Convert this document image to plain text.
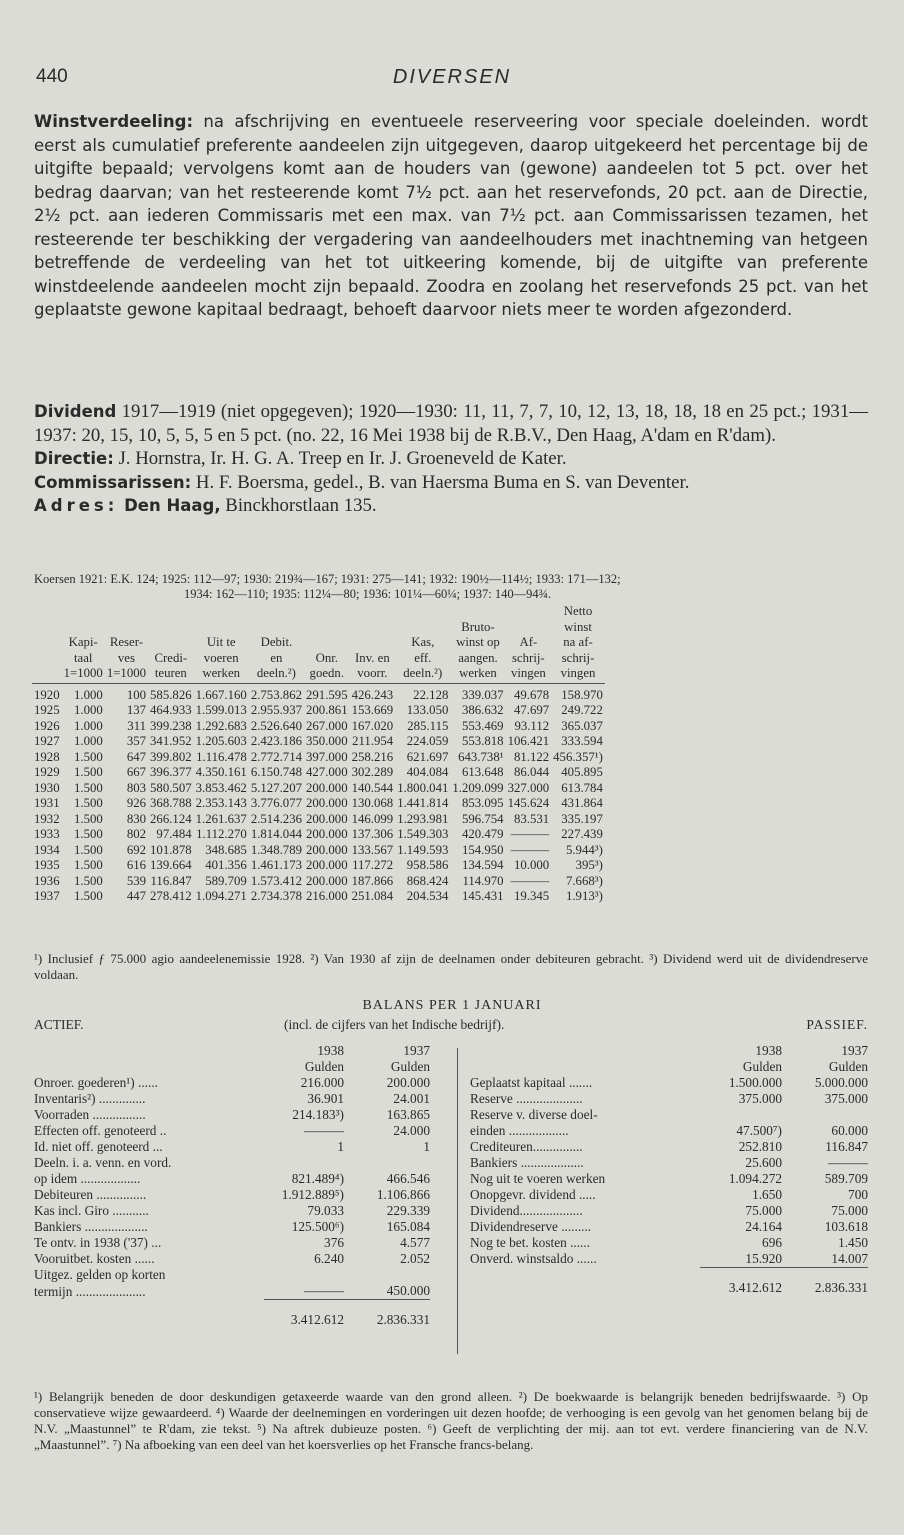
440	DIVERSEN

Winstverdeeling: na afschrijving en eventueele reserveering voor speciale doeleinden. wordt eerst als cumulatief preferente aandeelen zijn uitgegeven, daarop uitgekeerd het percentage bij de uitgifte bepaald; vervolgens komt aan de houders van (gewone) aandeelen tot 5 pct. over het bedrag daarvan; van het resteerende komt 7½ pct. aan het reservefonds, 20 pct. aan de Directie, 2½ pct. aan iederen Commissaris met een max. van 7½ pct. aan Commissarissen tezamen, het resteerende ter beschikking der vergadering van aandeelhouders met inachtneming van hetgeen betreffende de verdeeling van het tot uitkeering komende, bij de uitgifte van preferente winstdeelende aandeelen mocht zijn bepaald. Zoodra en zoolang het reservefonds 25 pct. van het geplaatste gewone kapitaal bedraagt, behoeft daarvoor niets meer te worden afgezonderd.

Dividend 1917—1919 (niet opgegeven); 1920—1930: 11, 11, 7, 7, 10, 12, 13, 18, 18, 18 en 25 pct.; 1931—1937: 20, 15, 10, 5, 5, 5 en 5 pct. (no. 22, 16 Mei 1938 bij de R.B.V., Den Haag, A'dam en R'dam).

Directie: J. Hornstra, Ir. H. G. A. Treep en Ir. J. Groeneveld de Kater.

Commissarissen: H. F. Boersma, gedel., B. van Haersma Buma en S. van Deventer.

Adres: Den Haag, Binckhorstlaan 135.

Koersen 1921: E.K. 124; 1925: 112—97; 1930: 219¾—167; 1931: 275—141; 1932: 190½—114½; 1933: 171—132;
1934: 162—110; 1935: 112¼—80; 1936: 101¼—60¼; 1937: 140—94¾.
											Netto
									Bruto-		winst
	Kapi-	Reser-		Uit te	Debit.			Kas,	winst op	Af-	na af-
	taal	ves	Credi-	voeren	en	Onr.	Inv. en	eff.	aangen.	schrij-	schrij-
	1=1000	1=1000	teuren	werken	deeln.²)	goedn.	voorr.	deeln.²)	werken	vingen	vingen
1920	1.000	100	585.826	1.667.160	2.753.862	291.595	426.243	22.128	339.037	49.678	158.970
1925	1.000	137	464.933	1.599.013	2.955.937	200.861	153.669	133.050	386.632	47.697	249.722
1926	1.000	311	399.238	1.292.683	2.526.640	267.000	167.020	285.115	553.469	93.112	365.037
1927	1.000	357	341.952	1.205.603	2.423.186	350.000	211.954	224.059	553.818	106.421	333.594
1928	1.500	647	399.802	1.116.478	2.772.714	397.000	258.216	621.697	643.738¹	81.122	456.357¹)
1929	1.500	667	396.377	4.350.161	6.150.748	427.000	302.289	404.084	613.648	86.044	405.895
1930	1.500	803	580.507	3.853.462	5.127.207	200.000	140.544	1.800.041	1.209.099	327.000	613.784
1931	1.500	926	368.788	2.353.143	3.776.077	200.000	130.068	1.441.814	853.095	145.624	431.864
1932	1.500	830	266.124	1.261.637	2.514.236	200.000	146.099	1.293.981	596.754	83.531	335.197
1933	1.500	802	97.484	1.112.270	1.814.044	200.000	137.306	1.549.303	420.479	———	227.439
1934	1.500	692	101.878	348.685	1.348.789	200.000	133.567	1.149.593	154.950	———	5.944³)
1935	1.500	616	139.664	401.356	1.461.173	200.000	117.272	958.586	134.594	10.000	395³)
1936	1.500	539	116.847	589.709	1.573.412	200.000	187.866	868.424	114.970	———	7.668³)
1937	1.500	447	278.412	1.094.271	2.734.378	216.000	251.084	204.534	145.431	19.345	1.913³)
¹) Inclusief ƒ 75.000 agio aandeelenemissie 1928. ²) Van 1930 af zijn de deelnamen onder debiteuren gebracht. ³) Dividend werd uit de dividendreserve voldaan.
BALANS PER 1 JANUARI
ACTIEF.	(incl. de cijfers van het Indische bedrijf).	PASSIEF.
	1938	1937
	Gulden	Gulden
Onroer. goederen¹) ......	216.000	200.000
Inventaris²) ..............	36.901	24.001
Voorraden ................	214.183³)	163.865
Effecten off. genoteerd ..	———	24.000
Id. niet off. genoteerd ...	1	1
Deeln. i. a. venn. en vord.		
op idem ..................	821.489⁴)	466.546
Debiteuren ...............	1.912.889⁵)	1.106.866
Kas incl. Giro ...........	79.033	229.339
Bankiers ...................	125.500⁶)	165.084
Te ontv. in 1938 ('37) ...	376	4.577
Vooruitbet. kosten ......	6.240	2.052
Uitgez. gelden op korten		
termijn .....................	———	450.000
	3.412.612	2.836.331
	1938	1937
	Gulden	Gulden
Geplaatst kapitaal .......	1.500.000	5.000.000
Reserve ....................	375.000	375.000
Reserve v. diverse doel-		
einden ..................	47.500⁷)	60.000
Crediteuren...............	252.810	116.847
Bankiers ...................	25.600	———
Nog uit te voeren werken	1.094.272	589.709
Onopgevr. dividend .....	1.650	700
Dividend...................	75.000	75.000
Dividendreserve .........	24.164	103.618
Nog te bet. kosten ......	696	1.450
Onverd. winstsaldo ......	15.920	14.007

	3.412.612	2.836.331
¹) Belangrijk beneden de door deskundigen getaxeerde waarde van den grond alleen. ²) De boekwaarde is belangrijk beneden bedrijfswaarde. ³) Op conservatieve wijze gewaardeerd. ⁴) Waarde der deelnemingen en vorderingen uit dezen hoofde; de verhooging is een gevolg van het genomen belang bij de N.V. „Maastunnel” te R'dam, zie tekst. ⁵) Na aftrek dubieuze posten. ⁶) Geeft de verplichting der mij. aan tot evt. verdere financiering van de N.V. „Maastunnel”. ⁷) Na afboeking van een deel van het koersverlies op het Fransche francs-belang.
